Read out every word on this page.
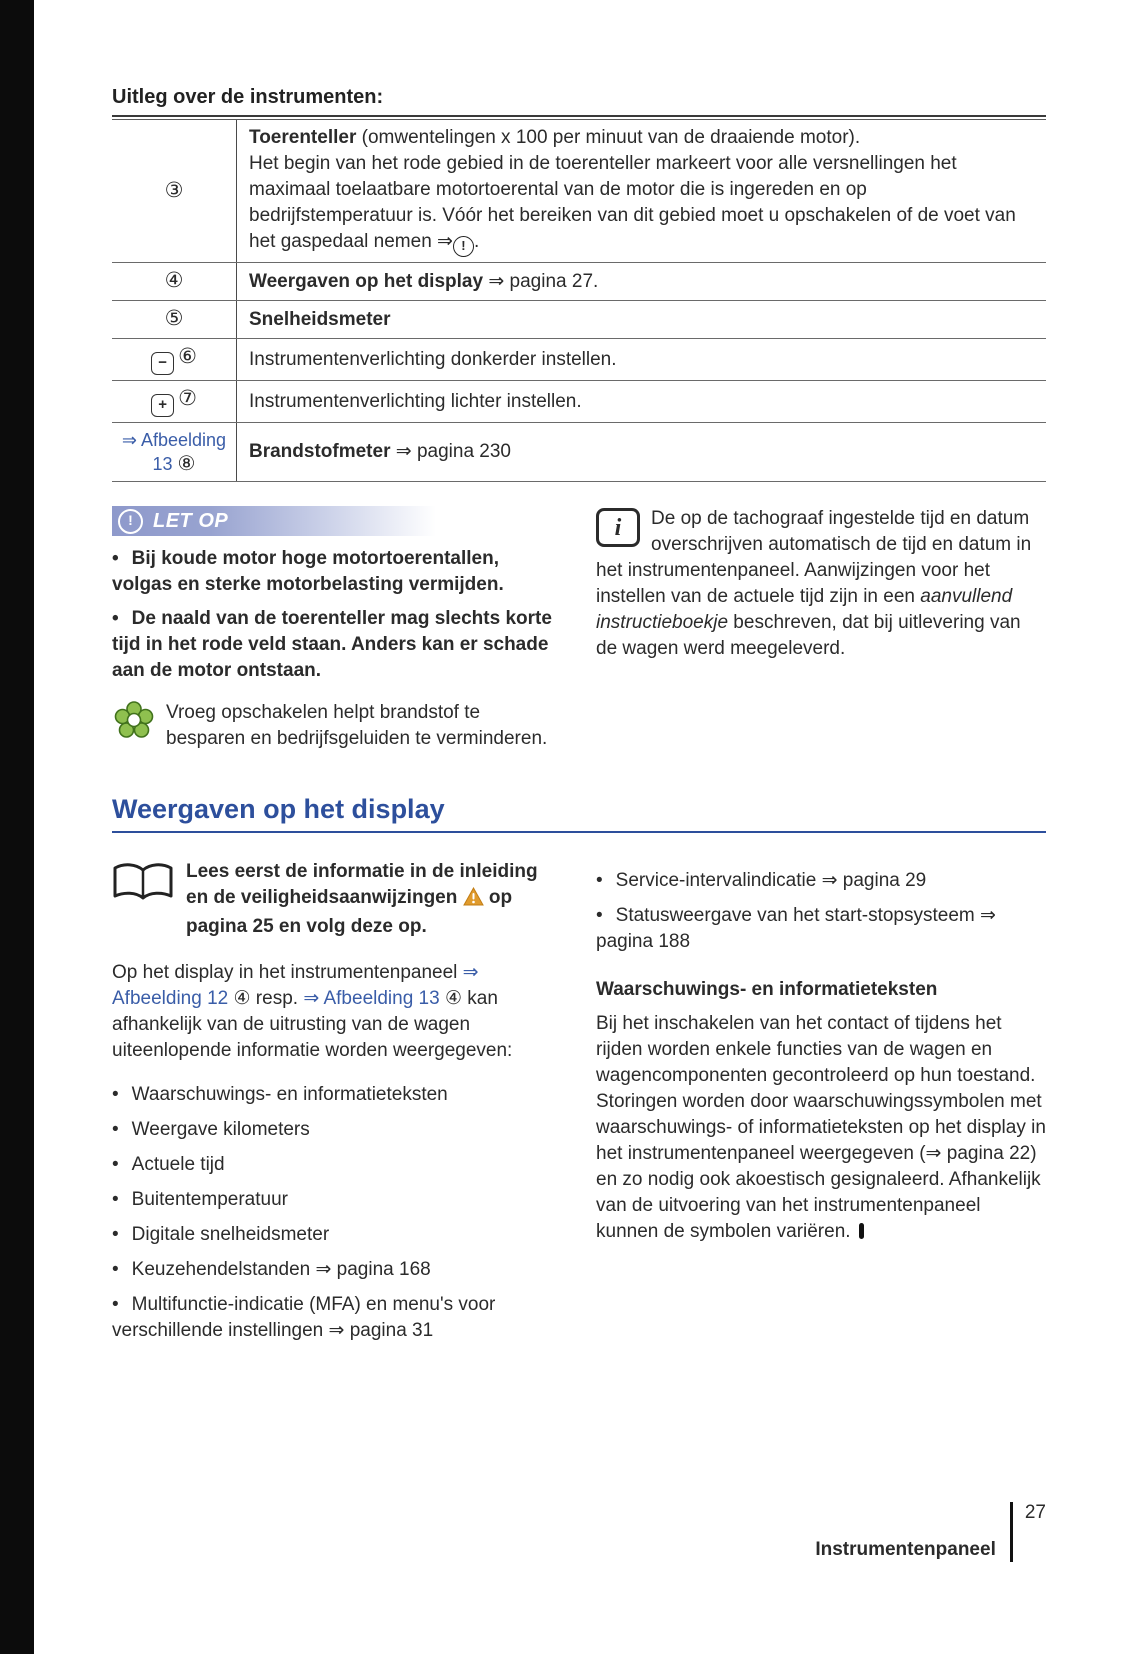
Uitleg over de instrumenten:
③	Toerenteller (omwentelingen x 100 per minuut van de draaiende motor).
Het begin van het rode gebied in de toerenteller markeert voor alle versnellingen het maximaal toelaatbare motortoerental van de motor die is ingereden en op bedrijfstemperatuur is. Vóór het bereiken van dit gebied moet u opschakelen of de voet van het gaspedaal nemen ⇒ ! .

④	Weergaven op het display ⇒ pagina 27.
⑤	Snelheidsmeter
− ⑥	Instrumentenverlichting donkerder instellen.
+ ⑦	Instrumentenverlichting lichter instellen.
⇒ Afbeelding 13 ⑧	Brandstofmeter ⇒ pagina 230
!	LET OP

• Bij koude motor hoge motortoerentallen, volgas en sterke motorbelasting vermijden.

• De naald van de toerenteller mag slechts korte tijd in het rode veld staan. Anders kan er schade aan de motor ontstaan.

Vroeg opschakelen helpt brandstof te besparen en bedrijfsgeluiden te verminderen.
i De op de tachograaf ingestelde tijd en datum overschrijven automatisch de tijd en datum in het instrumentenpaneel. Aanwijzingen voor het instellen van de actuele tijd zijn in een aanvullend instructieboekje beschreven, dat bij uitlevering van de wagen werd meegeleverd.
Weergaven op het display

Lees eerst de informatie in de inleiding en de veiligheidsaanwijzingen  op pagina 25 en volg deze op.

Op het display in het instrumentenpaneel ⇒ Afbeelding 12 ④ resp. ⇒ Afbeelding 13 ④ kan afhankelijk van de uitrusting van de wagen uiteenlopende informatie worden weergegeven:

• Waarschuwings- en informatieteksten
• Weergave kilometers
• Actuele tijd
• Buitentemperatuur
• Digitale snelheidsmeter
• Keuzehendelstanden ⇒ pagina 168
• Multifunctie-indicatie (MFA) en menu's voor verschillende instellingen ⇒ pagina 31
• Service-intervalindicatie ⇒ pagina 29
• Statusweergave van het start-stopsysteem ⇒ pagina 188
Waarschuwings- en informatieteksten

Bij het inschakelen van het contact of tijdens het rijden worden enkele functies van de wagen en wagencomponenten gecontroleerd op hun toestand. Storingen worden door waarschuwingssymbolen met waarschuwings- of informatieteksten op het display in het instrumentenpaneel weergegeven (⇒ pagina 22) en zo nodig ook akoestisch gesignaleerd. Afhankelijk van de uitvoering van het instrumentenpaneel kunnen de symbolen variëren.

Instrumentenpaneel
27
